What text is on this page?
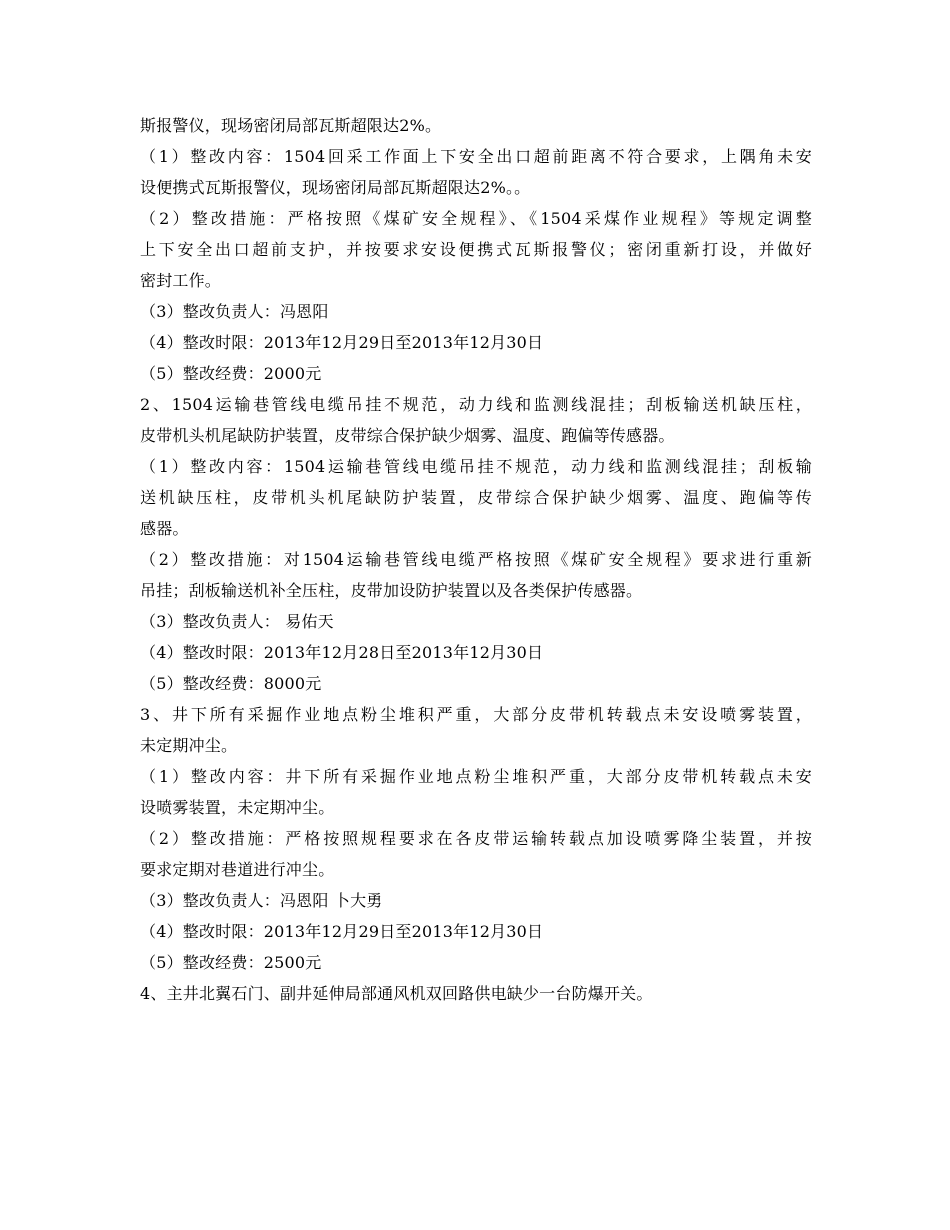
斯报警仪，现场密闭局部瓦斯超限达2%。
（1）整改内容：1504回采工作面上下安全出口超前距离不符合要求，上隅角未安
设便携式瓦斯报警仪，现场密闭局部瓦斯超限达2%。。
（2）整改措施：严格按照《煤矿安全规程》、《1504采煤作业规程》等规定调整
上下安全出口超前支护，并按要求安设便携式瓦斯报警仪；密闭重新打设，并做好
密封工作。
（3）整改负责人：冯恩阳
（4）整改时限：2013年12月29日至2013年12月30日
（5）整改经费：2000元
2、1504运输巷管线电缆吊挂不规范，动力线和监测线混挂；刮板输送机缺压柱，
皮带机头机尾缺防护装置，皮带综合保护缺少烟雾、温度、跑偏等传感器。
（1）整改内容：1504运输巷管线电缆吊挂不规范，动力线和监测线混挂；刮板输
送机缺压柱，皮带机头机尾缺防护装置，皮带综合保护缺少烟雾、温度、跑偏等传
感器。
（2）整改措施：对1504运输巷管线电缆严格按照《煤矿安全规程》要求进行重新
吊挂；刮板输送机补全压柱，皮带加设防护装置以及各类保护传感器。
（3）整改负责人： 易佑天
（4）整改时限：2013年12月28日至2013年12月30日
（5）整改经费：8000元
3、井下所有采掘作业地点粉尘堆积严重，大部分皮带机转载点未安设喷雾装置，
未定期冲尘。
（1）整改内容：井下所有采掘作业地点粉尘堆积严重，大部分皮带机转载点未安
设喷雾装置，未定期冲尘。
（2）整改措施：严格按照规程要求在各皮带运输转载点加设喷雾降尘装置，并按
要求定期对巷道进行冲尘。
（3）整改负责人：冯恩阳 卜大勇
（4）整改时限：2013年12月29日至2013年12月30日
（5）整改经费：2500元
4、主井北翼石门、副井延伸局部通风机双回路供电缺少一台防爆开关。
